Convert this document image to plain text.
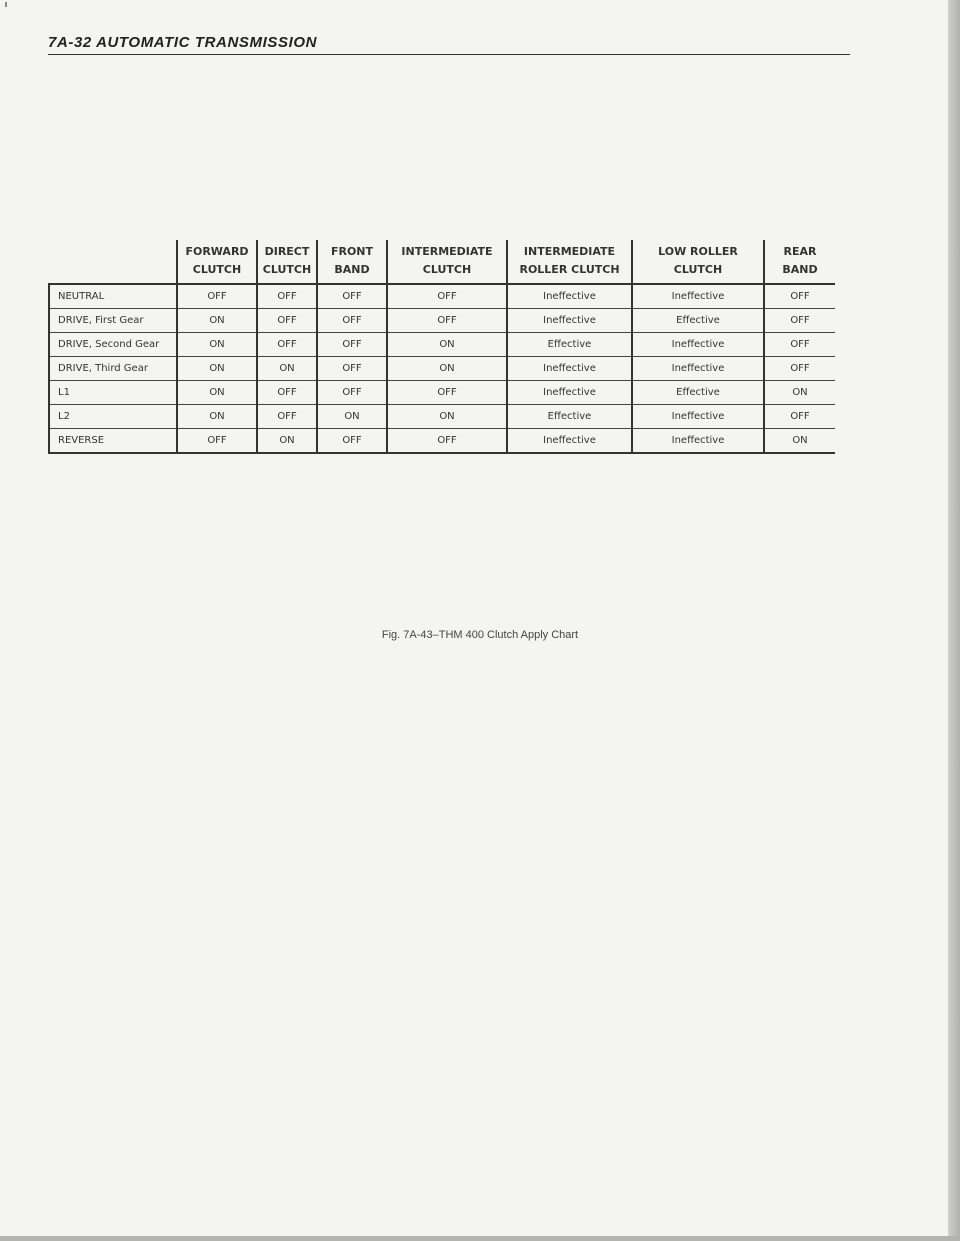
7A-32 AUTOMATIC TRANSMISSION
	FORWARD CLUTCH	DIRECT CLUTCH	FRONT BAND	INTERMEDIATE CLUTCH	INTERMEDIATE ROLLER CLUTCH	LOW ROLLER CLUTCH	REAR BAND
NEUTRAL	OFF	OFF	OFF	OFF	Ineffective	Ineffective	OFF
DRIVE, First Gear	ON	OFF	OFF	OFF	Ineffective	Effective	OFF
DRIVE, Second Gear	ON	OFF	OFF	ON	Effective	Ineffective	OFF
DRIVE, Third Gear	ON	ON	OFF	ON	Ineffective	Ineffective	OFF
L1	ON	OFF	OFF	OFF	Ineffective	Effective	ON
L2	ON	OFF	ON	ON	Effective	Ineffective	OFF
REVERSE	OFF	ON	OFF	OFF	Ineffective	Ineffective	ON
Fig. 7A-43–THM 400 Clutch Apply Chart
